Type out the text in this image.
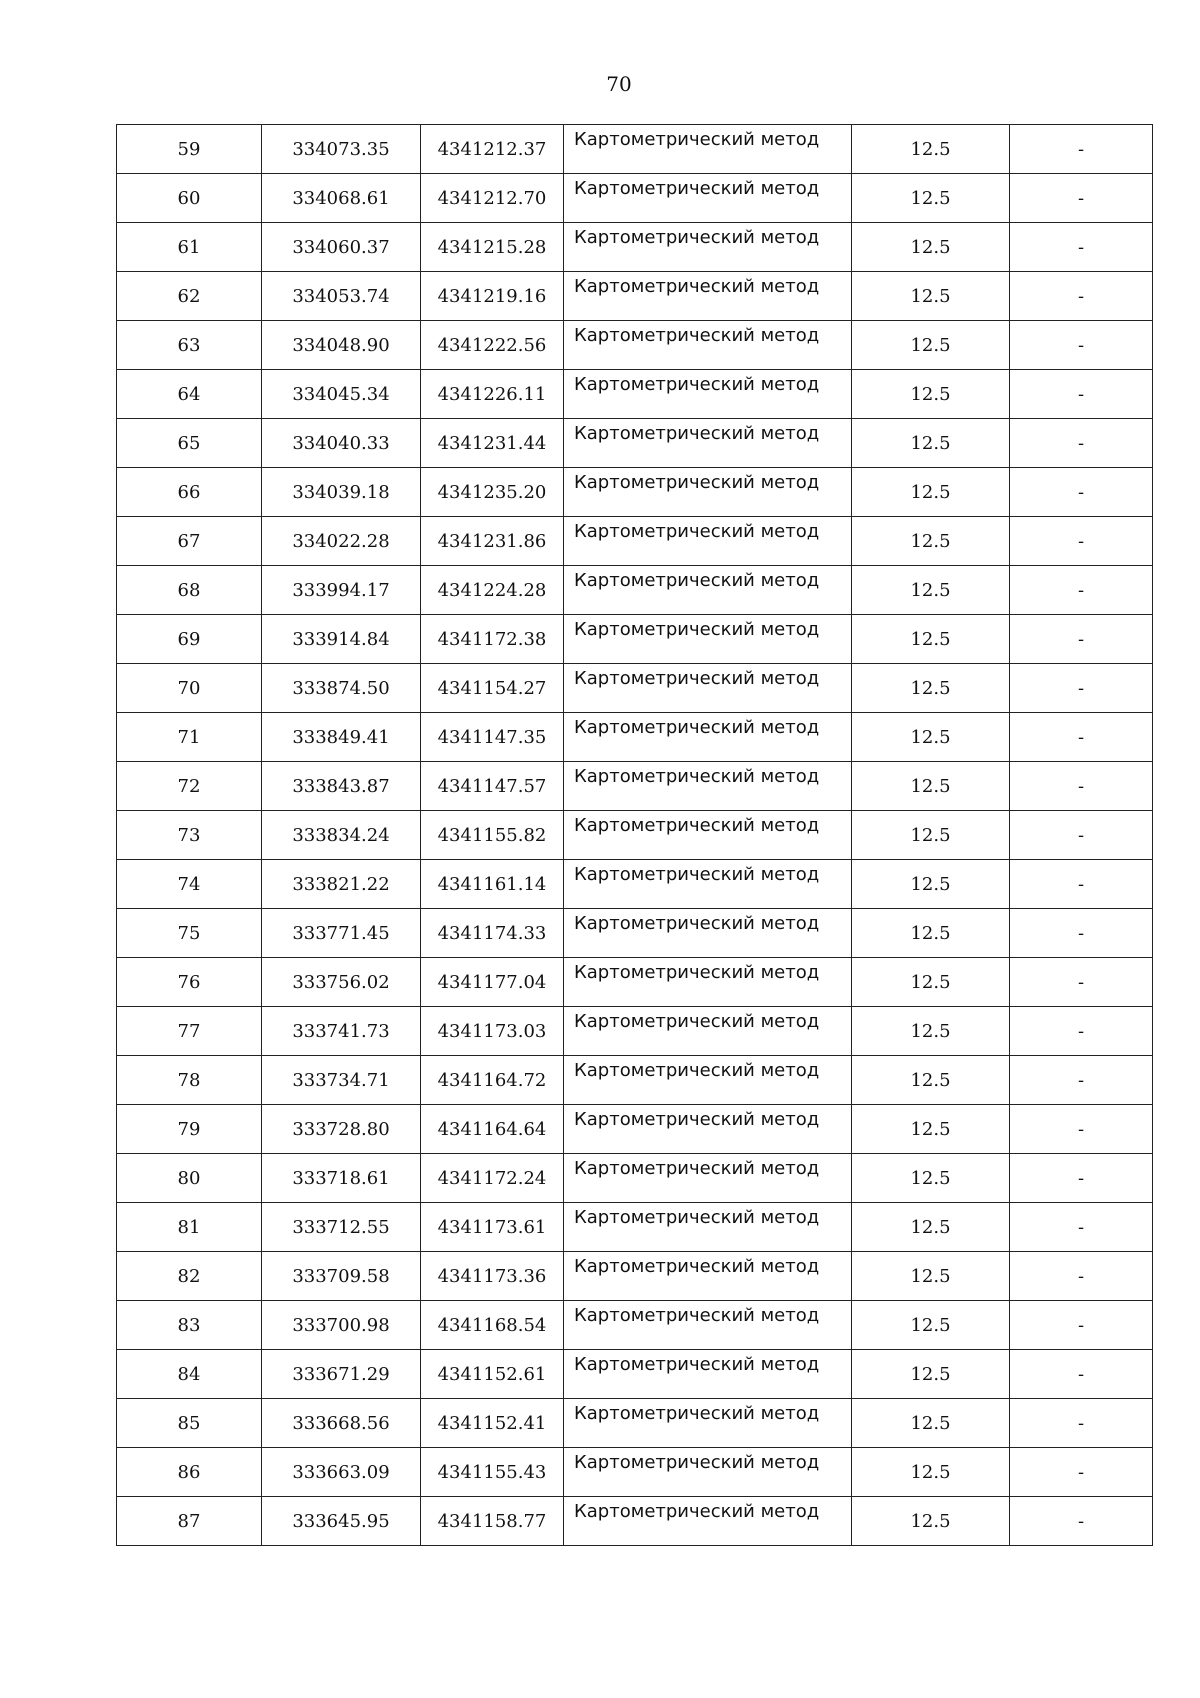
70
59	334073.35	4341212.37	Картометрический метод	12.5	-
60	334068.61	4341212.70	Картометрический метод	12.5	-
61	334060.37	4341215.28	Картометрический метод	12.5	-
62	334053.74	4341219.16	Картометрический метод	12.5	-
63	334048.90	4341222.56	Картометрический метод	12.5	-
64	334045.34	4341226.11	Картометрический метод	12.5	-
65	334040.33	4341231.44	Картометрический метод	12.5	-
66	334039.18	4341235.20	Картометрический метод	12.5	-
67	334022.28	4341231.86	Картометрический метод	12.5	-
68	333994.17	4341224.28	Картометрический метод	12.5	-
69	333914.84	4341172.38	Картометрический метод	12.5	-
70	333874.50	4341154.27	Картометрический метод	12.5	-
71	333849.41	4341147.35	Картометрический метод	12.5	-
72	333843.87	4341147.57	Картометрический метод	12.5	-
73	333834.24	4341155.82	Картометрический метод	12.5	-
74	333821.22	4341161.14	Картометрический метод	12.5	-
75	333771.45	4341174.33	Картометрический метод	12.5	-
76	333756.02	4341177.04	Картометрический метод	12.5	-
77	333741.73	4341173.03	Картометрический метод	12.5	-
78	333734.71	4341164.72	Картометрический метод	12.5	-
79	333728.80	4341164.64	Картометрический метод	12.5	-
80	333718.61	4341172.24	Картометрический метод	12.5	-
81	333712.55	4341173.61	Картометрический метод	12.5	-
82	333709.58	4341173.36	Картометрический метод	12.5	-
83	333700.98	4341168.54	Картометрический метод	12.5	-
84	333671.29	4341152.61	Картометрический метод	12.5	-
85	333668.56	4341152.41	Картометрический метод	12.5	-
86	333663.09	4341155.43	Картометрический метод	12.5	-
87	333645.95	4341158.77	Картометрический метод	12.5	-
